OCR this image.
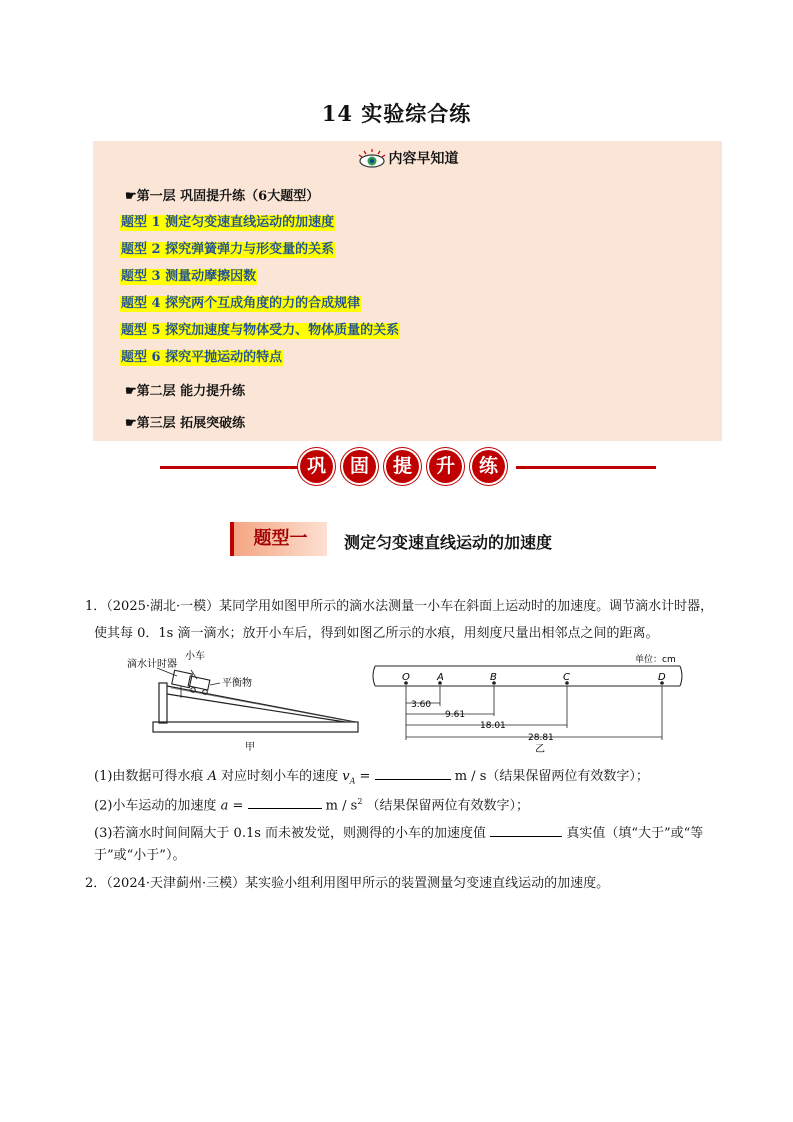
14 实验综合练
内容早知道
☛第一层 巩固提升练（6大题型）
题型 1 测定匀变速直线运动的加速度
题型 2 探究弹簧弹力与形变量的关系
题型 3 测量动摩擦因数
题型 4 探究两个互成角度的力的合成规律
题型 5 探究加速度与物体受力、物体质量的关系
题型 6 探究平抛运动的特点
☛第二层 能力提升练
☛第三层 拓展突破练
巩	固	提	升	练
题型一	测定匀变速直线运动的加速度
1．（2025·湖北·一模）某同学用如图甲所示的滴水法测量一小车在斜面上运动时的加速度。调节滴水计时器，
使其每 0．1s 滴一滴水；放开小车后，得到如图乙所示的水痕，用刻度尺量出相邻点之间的距离。
滴水计时器
小车
平衡物
甲
单位：cm
O	A	B	C	D
3.60
9.61
18.01
28.81
乙
(1)由数据可得水痕 A 对应时刻小车的速度 $v_A$ =	m / s（结果保留两位有效数字）；
(2)小车运动的加速度 a =	m / $s^2$ （结果保留两位有效数字）；
(3)若滴水时间间隔大于 0.1s 而未被发觉，则测得的小车的加速度值	真实值（填“大于”或“等
于”或“小于”）。
2．（2024·天津蓟州·三模）某实验小组利用图甲所示的装置测量匀变速直线运动的加速度。
